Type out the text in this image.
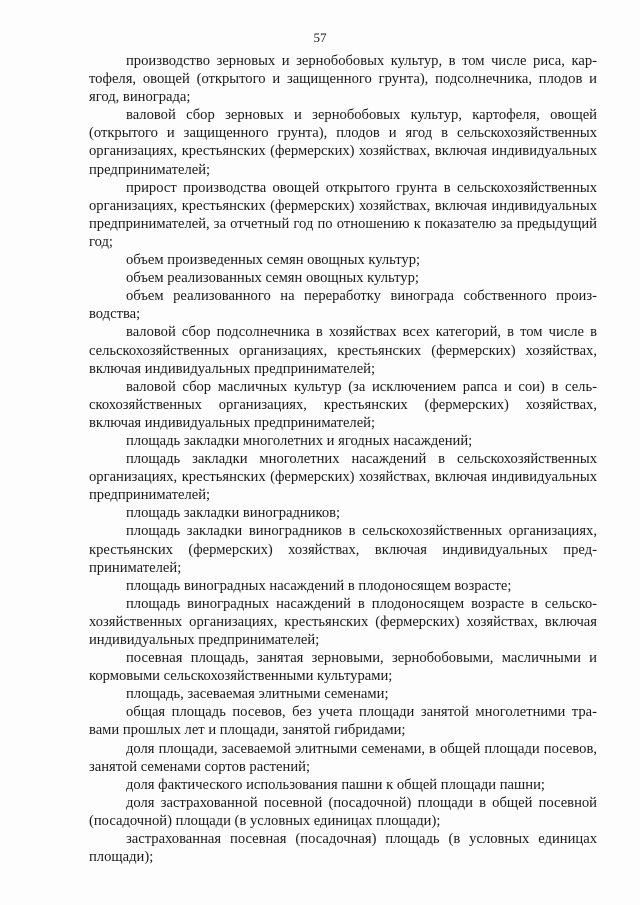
57

производство зерновых и зернобобовых культур, в том числе риса, картофеля, овощей (открытого и защищенного грунта), подсолнечника, плодов и ягод, винограда;

валовой сбор зерновых и зернобобовых культур, картофеля, овощей (открытого и защищенного грунта), плодов и ягод в сельскохозяйственных организациях, крестьянских (фермерских) хозяйствах, включая индивидуальных предпринимателей;

прирост производства овощей открытого грунта в сельскохозяйственных организациях, крестьянских (фермерских) хозяйствах, включая индивидуальных предпринимателей, за отчетный год по отношению к показателю за предыдущий год;

объем произведенных семян овощных культур;

объем реализованных семян овощных культур;

объем реализованного на переработку винограда собственного производства;

валовой сбор подсолнечника в хозяйствах всех категорий, в том числе в сельскохозяйственных организациях, крестьянских (фермерских) хозяйствах, включая индивидуальных предпринимателей;

валовой сбор масличных культур (за исключением рапса и сои) в сельскохозяйственных организациях, крестьянских (фермерских) хозяйствах, включая индивидуальных предпринимателей;

площадь закладки многолетних и ягодных насаждений;

площадь закладки многолетних насаждений в сельскохозяйственных организациях, крестьянских (фермерских) хозяйствах, включая индивидуальных предпринимателей;

площадь закладки виноградников;

площадь закладки виноградников в сельскохозяйственных организациях, крестьянских (фермерских) хозяйствах, включая индивидуальных предпринимателей;

площадь виноградных насаждений в плодоносящем возрасте;

площадь виноградных насаждений в плодоносящем возрасте в сельскохозяйственных организациях, крестьянских (фермерских) хозяйствах, включая индивидуальных предпринимателей;

посевная площадь, занятая зерновыми, зернобобовыми, масличными и кормовыми сельскохозяйственными культурами;

площадь, засеваемая элитными семенами;

общая площадь посевов, без учета площади занятой многолетними травами прошлых лет и площади, занятой гибридами;

доля площади, засеваемой элитными семенами, в общей площади посевов, занятой семенами сортов растений;

доля фактического использования пашни к общей площади пашни;

доля застрахованной посевной (посадочной) площади в общей посевной (посадочной) площади (в условных единицах площади);

застрахованная посевная (посадочная) площадь (в условных единицах площади);
